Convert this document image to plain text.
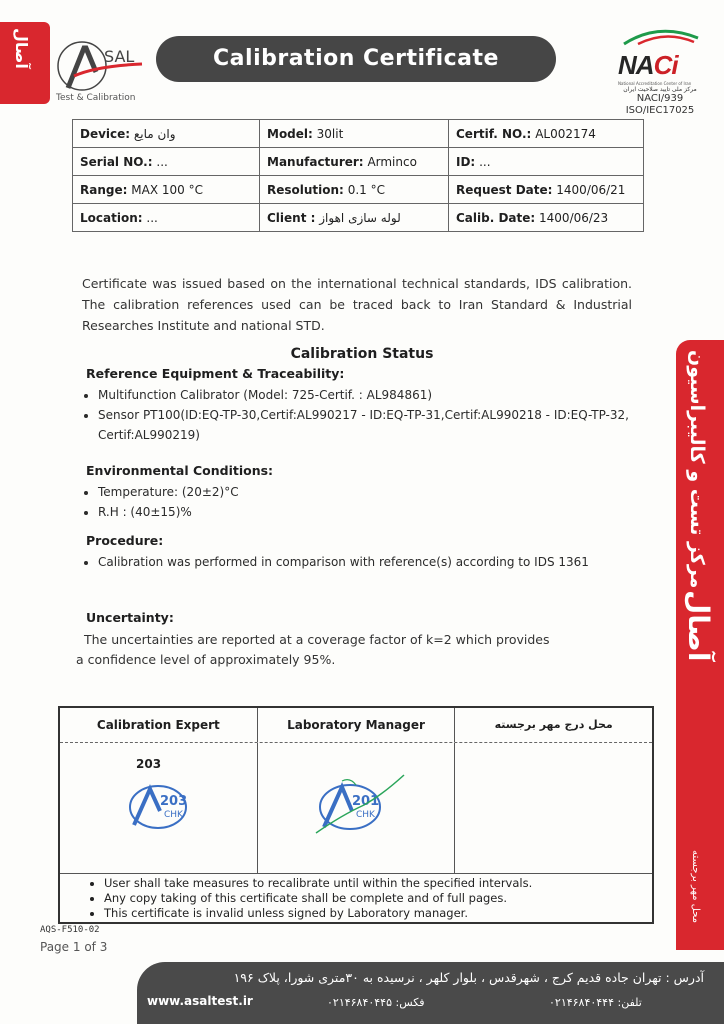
آصال	SAL
Test & Calibration
Calibration Certificate	NACi
National Accreditation Center of Iran
مرکز ملی تایید صلاحیت ایران
NACI/939
ISO/IEC17025
Device: وان مایع	Model: 30lit	Certif. NO.: AL002174
Serial NO.: ...	Manufacturer: Arminco	ID: ...
Range: MAX 100 °C	Resolution: 0.1 °C	Request Date: 1400/06/21
Location: ...	Client : لوله سازی اهواز	Calib. Date: 1400/06/23
Certificate was issued based on the international technical standards, IDS calibration. The calibration references used can be traced back to Iran Standard & Industrial Researches Institute and national STD.
Calibration Status
Reference Equipment & Traceability:
• Multifunction Calibrator (Model: 725-Certif. : AL984861)
• Sensor PT100(ID:EQ-TP-30,Certif:AL990217 - ID:EQ-TP-31,Certif:AL990218 - ID:EQ-TP-32, Certif:AL990219)
Environmental Conditions:
• Temperature: (20±2)°C
• R.H : (40±15)%
Procedure:
• Calibration was performed in comparison with reference(s) according to IDS 1361
Uncertainty:
The uncertainties are reported at a coverage factor of k=2 which provides
a confidence level of approximately 95%.
Calibration Expert	Laboratory Manager	محل درج مهر برجسته
203
203
CHK
201
CHK
• User shall take measures to recalibrate until within the specified intervals.
• Any copy taking of this certificate shall be complete and of full pages.
• This certificate is invalid unless signed by Laboratory manager.
AQS-F510-02
Page 1 of 3
مرکز تست و کالیبراسیون
آصال
محل مهر برجسته
آدرس : تهران جاده قدیم کرج ، شهرقدس ، بلوار کلهر ، نرسیده به ۳۰متری شورا، پلاک ۱۹۶
www.asaltest.ir	فکس: ۰۲۱۴۶۸۴۰۴۴۵	تلفن: ۰۲۱۴۶۸۴۰۴۴۴
